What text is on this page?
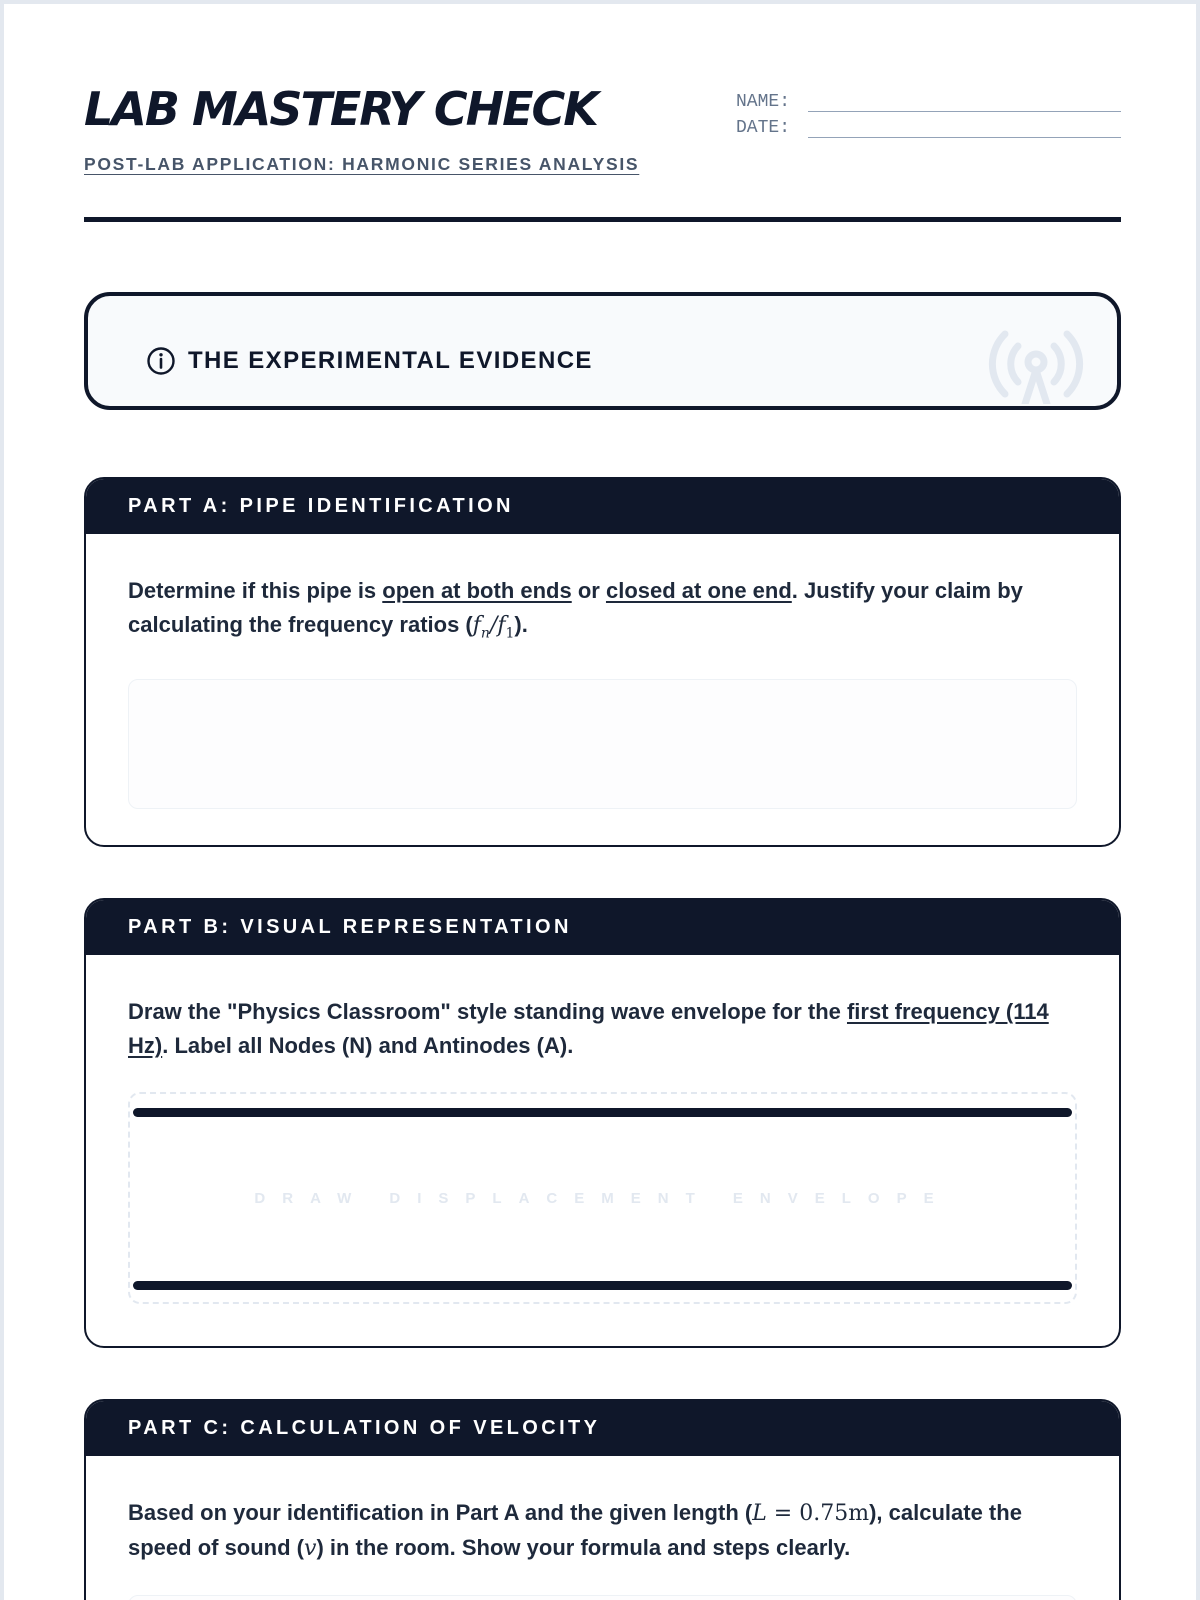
LAB MASTERY CHECK
POST-LAB APPLICATION: HARMONIC SERIES ANALYSIS
NAME:
DATE:
THE EXPERIMENTAL EVIDENCE
PART A: PIPE IDENTIFICATION

Determine if this pipe is open at both ends or closed at one end. Justify your claim by calculating the frequency ratios $(f_n/f_1)$.

PART B: VISUAL REPRESENTATION

Draw the "Physics Classroom" style standing wave envelope for the first frequency (114 Hz). Label all Nodes (N) and Antinodes (A).

DRAW DISPLACEMENT ENVELOPE
PART C: CALCULATION OF VELOCITY

Based on your identification in Part A and the given length (L = 0.75m), calculate the speed of sound (v) in the room. Show your formula and steps clearly.
